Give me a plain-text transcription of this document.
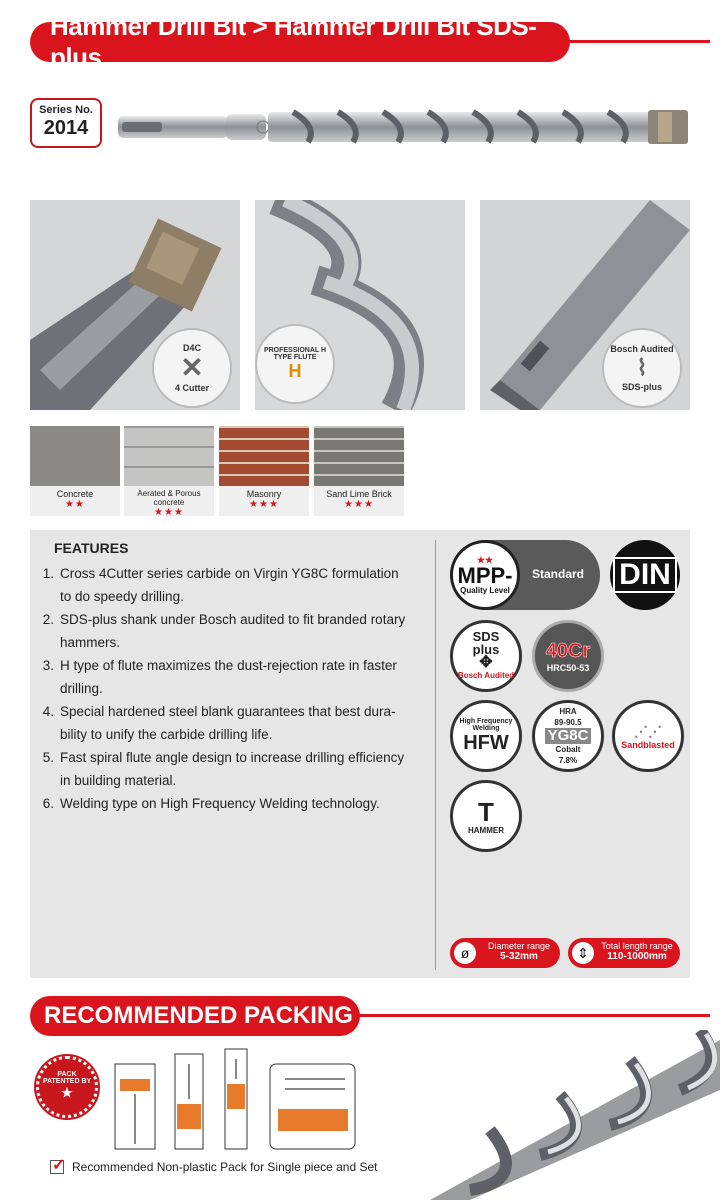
Hammer Drill Bit > Hammer Drill Bit SDS-plus
Series No.
2014
D4C
✕
4 Cutter
PROFESSIONAL H TYPE FLUTE
H
Bosch Audited
⌇
SDS-plus
Concrete
★★
Aerated & Porous concrete
★★★
Masonry
★★★
Sand Lime Brick
★★★
FEATURES
1. Cross 4Cutter series carbide on Virgin YG8C formulation
to do speedy drilling.
2. SDS-plus shank under Bosch audited to fit branded rotary
hammers.
3. H type of flute maximizes the dust-rejection rate in faster
drilling.
4. Special hardened steel blank guarantees that best dura-
bility to unify the carbide drilling life.
5. Fast spiral flute angle design to increase drilling efficiency
in building material.
6. Welding type on High Frequency Welding technology.
★★
MPP-
Quality Level
Standard DIN
SDS
plus
✥
Bosch Audited
40Cr
HRC50-53
High Frequency Welding
HFW
HRA
89-90.5
YG8C
Cobalt
7.8%
⋰⋰
Sandblasted
T
HAMMER
ø	Diameter range
5-32mm	⇕	Total length range
110-1000mm
RECOMMENDED PACKING
PACK
PATENTED BY
★
✓ Recommended Non-plastic Pack for Single piece and Set
